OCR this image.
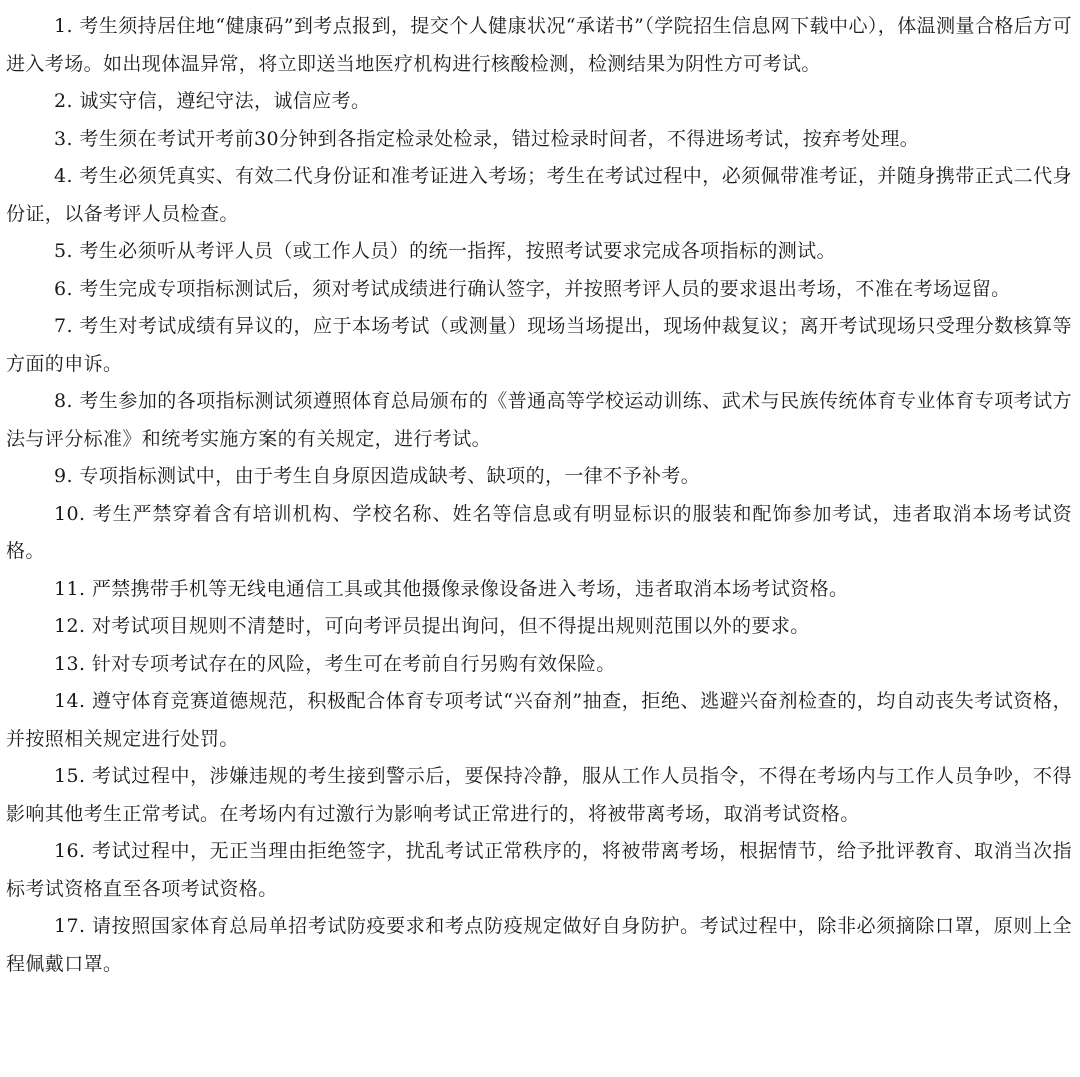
1. 考生须持居住地“健康码”到考点报到，提交个人健康状况“承诺书”（学院招生信息网下载中心），体温测量合格后方可进入考场。如出现体温异常，将立即送当地医疗机构进行核酸检测，检测结果为阴性方可考试。

2. 诚实守信，遵纪守法，诚信应考。

3. 考生须在考试开考前30分钟到各指定检录处检录，错过检录时间者，不得进场考试，按弃考处理。

4. 考生必须凭真实、有效二代身份证和准考证进入考场；考生在考试过程中，必须佩带准考证，并随身携带正式二代身份证，以备考评人员检查。

5. 考生必须听从考评人员（或工作人员）的统一指挥，按照考试要求完成各项指标的测试。

6. 考生完成专项指标测试后，须对考试成绩进行确认签字，并按照考评人员的要求退出考场，不准在考场逗留。

7. 考生对考试成绩有异议的，应于本场考试（或测量）现场当场提出，现场仲裁复议；离开考试现场只受理分数核算等方面的申诉。

8. 考生参加的各项指标测试须遵照体育总局颁布的《普通高等学校运动训练、武术与民族传统体育专业体育专项考试方法与评分标准》和统考实施方案的有关规定，进行考试。

9. 专项指标测试中，由于考生自身原因造成缺考、缺项的，一律不予补考。

10. 考生严禁穿着含有培训机构、学校名称、姓名等信息或有明显标识的服装和配饰参加考试，违者取消本场考试资格。

11. 严禁携带手机等无线电通信工具或其他摄像录像设备进入考场，违者取消本场考试资格。

12. 对考试项目规则不清楚时，可向考评员提出询问，但不得提出规则范围以外的要求。

13. 针对专项考试存在的风险，考生可在考前自行另购有效保险。

14. 遵守体育竞赛道德规范，积极配合体育专项考试“兴奋剂”抽查，拒绝、逃避兴奋剂检查的，均自动丧失考试资格，并按照相关规定进行处罚。

15. 考试过程中，涉嫌违规的考生接到警示后，要保持冷静，服从工作人员指令，不得在考场内与工作人员争吵，不得影响其他考生正常考试。在考场内有过激行为影响考试正常进行的，将被带离考场，取消考试资格。

16. 考试过程中，无正当理由拒绝签字，扰乱考试正常秩序的，将被带离考场，根据情节，给予批评教育、取消当次指标考试资格直至各项考试资格。

17. 请按照国家体育总局单招考试防疫要求和考点防疫规定做好自身防护。考试过程中，除非必须摘除口罩，原则上全程佩戴口罩。
